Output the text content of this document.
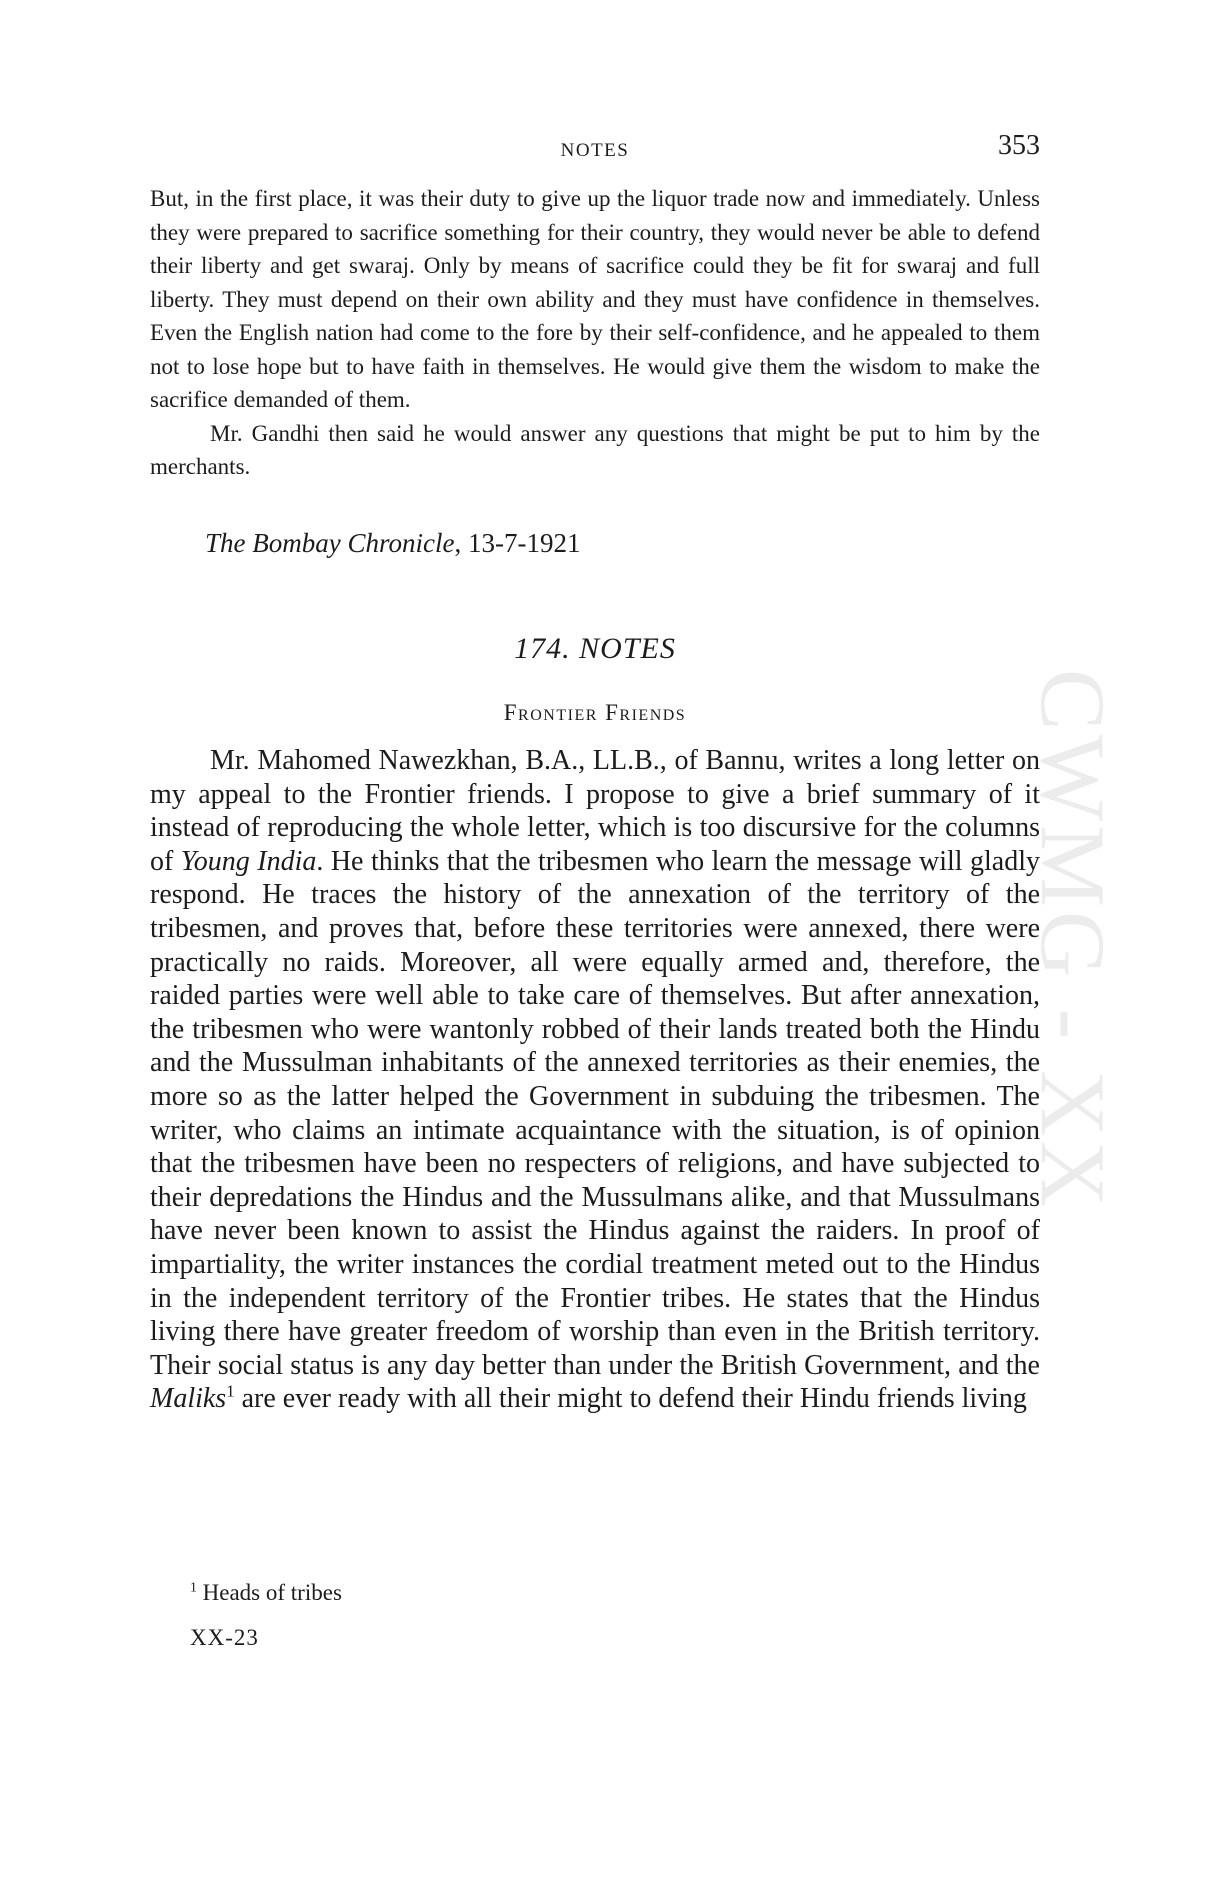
NOTES	353

But, in the first place, it was their duty to give up the liquor trade now and immediately. Unless they were prepared to sacrifice something for their country, they would never be able to defend their liberty and get swaraj. Only by means of sacrifice could they be fit for swaraj and full liberty. They must depend on their own ability and they must have confidence in themselves. Even the English nation had come to the fore by their self-confidence, and he appealed to them not to lose hope but to have faith in themselves. He would give them the wisdom to make the sacrifice demanded of them.

Mr. Gandhi then said he would answer any questions that might be put to him by the merchants.

The Bombay Chronicle, 13-7-1921

174. NOTES
Frontier Friends

Mr. Mahomed Nawezkhan, B.A., LL.B., of Bannu, writes a long letter on my appeal to the Frontier friends. I propose to give a brief summary of it instead of reproducing the whole letter, which is too discursive for the columns of Young India. He thinks that the tribesmen who learn the message will gladly respond. He traces the history of the annexation of the territory of the tribesmen, and proves that, before these territories were annexed, there were practically no raids. Moreover, all were equally armed and, therefore, the raided parties were well able to take care of themselves. But after annexation, the tribesmen who were wantonly robbed of their lands treated both the Hindu and the Mussulman inhabitants of the annexed territories as their enemies, the more so as the latter helped the Government in subduing the tribesmen. The writer, who claims an intimate acquaintance with the situation, is of opinion that the tribesmen have been no respecters of religions, and have subjected to their depredations the Hindus and the Mussulmans alike, and that Mussulmans have never been known to assist the Hindus against the raiders. In proof of impartiality, the writer instances the cordial treatment meted out to the Hindus in the independent territory of the Frontier tribes. He states that the Hindus living there have greater freedom of worship than even in the British territory. Their social status is any day better than under the British Government, and the Maliks$^1$ are ever ready with all their might to defend their Hindu friends living

$^1$ Heads of tribes
XX-23
CWMG - XX
